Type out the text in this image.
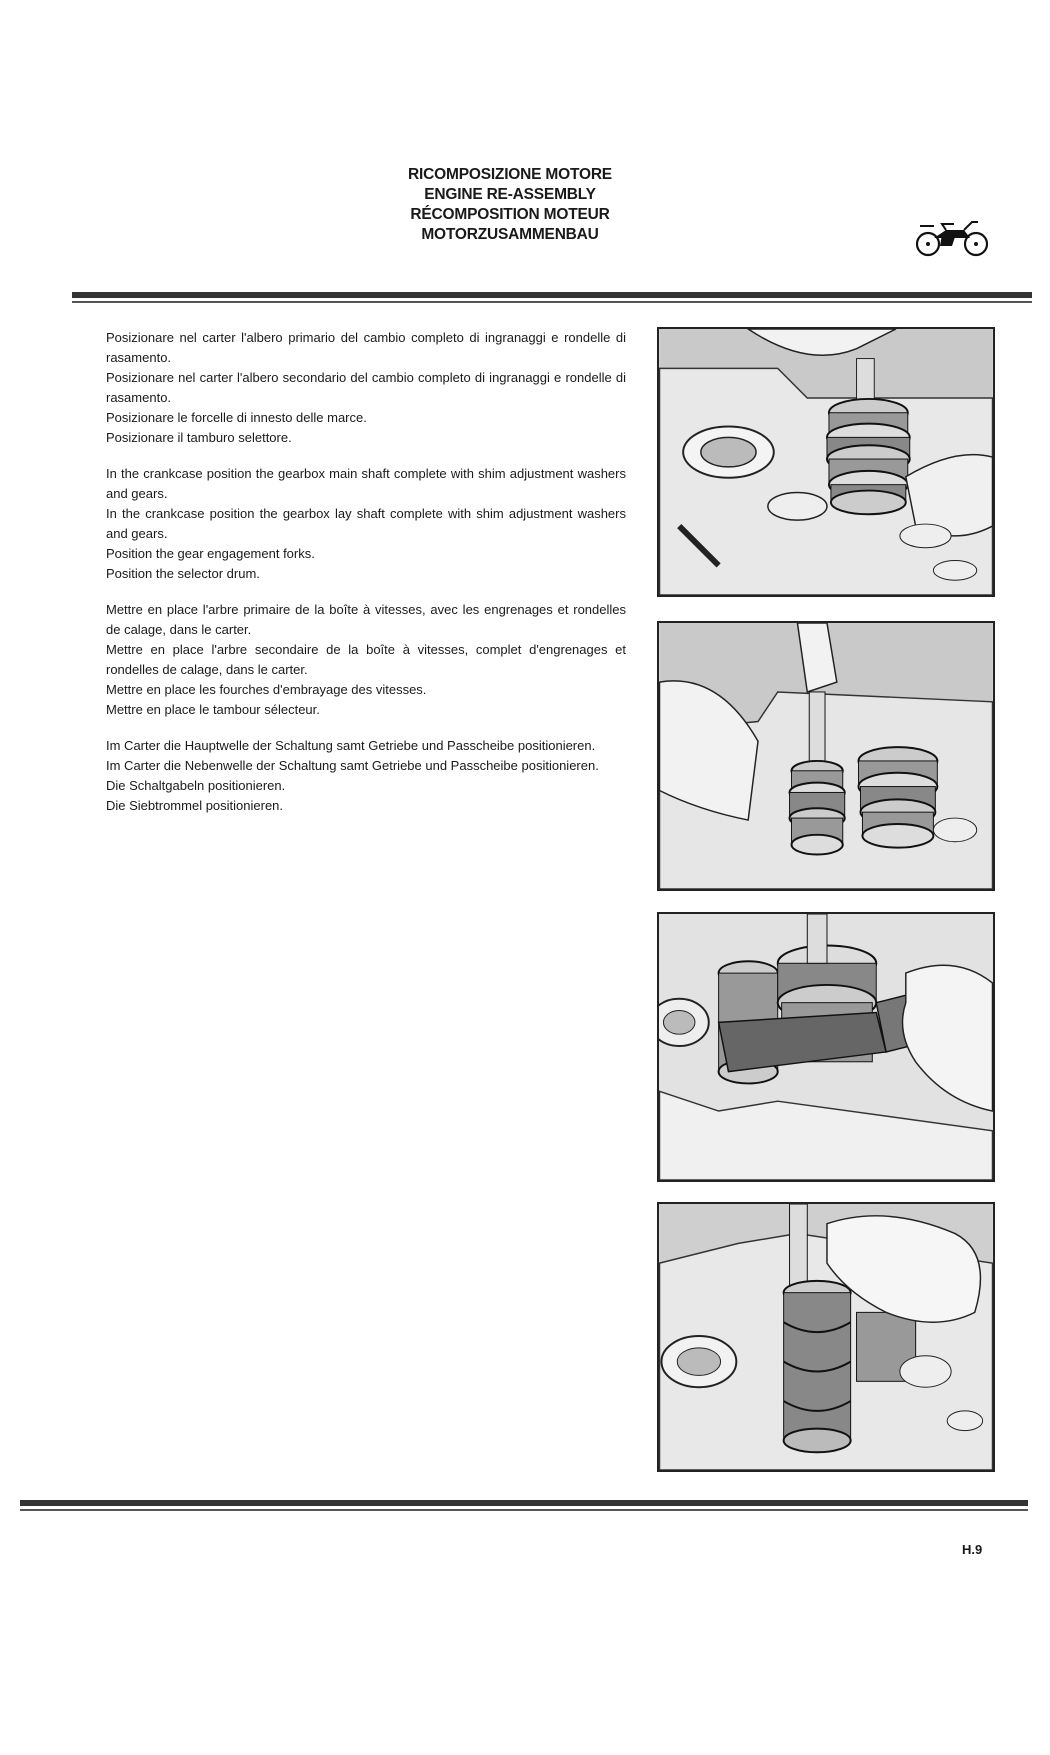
RICOMPOSIZIONE MOTORE
ENGINE RE-ASSEMBLY
RÉCOMPOSITION MOTEUR
MOTORZUSAMMENBAU

Posizionare nel carter l'albero primario del cambio completo di ingranaggi e rondelle di rasamento.

Posizionare nel carter l'albero secondario del cambio completo di ingranaggi e rondelle di rasamento.

Posizionare le forcelle di innesto delle marce.

Posizionare il tamburo selettore.

In the crankcase position the gearbox main shaft complete with shim adjustment washers and gears.

In the crankcase position the gearbox lay shaft complete with shim adjustment washers and gears.

Position the gear engagement forks.

Position the selector drum.

Mettre en place l'arbre primaire de la boîte à vitesses, avec les engrenages et rondelles de calage, dans le carter.

Mettre en place l'arbre secondaire de la boîte à vitesses, complet d'engrenages et rondelles de calage, dans le carter.

Mettre en place les fourches d'embrayage des vitesses.

Mettre en place le tambour sélecteur.

Im Carter die Hauptwelle der Schaltung samt Getriebe und Passcheibe positionieren.

Im Carter die Nebenwelle der Schaltung samt Getriebe und Passcheibe positionieren.

Die Schaltgabeln positionieren.

Die Siebtrommel positionieren.

H.9
